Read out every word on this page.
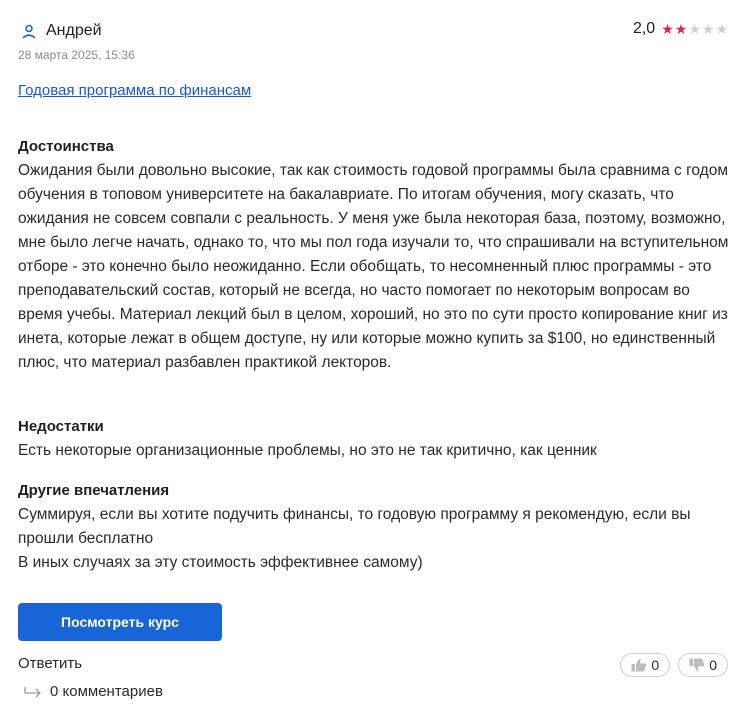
Андрей
28 марта 2025, 15:36
2,0 ★ ★ ★ ★ ★
Годовая программа по финансам

Достоинства

Ожидания были довольно высокие, так как стоимость годовой программы была сравнима с годом обучения в топовом университете на бакалавриате. По итогам обучения, могу сказать, что ожидания не совсем совпали с реальность. У меня уже была некоторая база, поэтому, возможно, мне было легче начать, однако то, что мы пол года изучали то, что спрашивали на вступительном отборе - это конечно было неожиданно. Если обобщать, то несомненный плюс программы - это преподавательский состав, который не всегда, но часто помогает по некоторым вопросам во время учебы. Материал лекций был в целом, хороший, но это по сути просто копирование книг из инета, которые лежат в общем доступе, ну или которые можно купить за $100, но единственный плюс, что материал разбавлен практикой лекторов.

Недостатки

Есть некоторые организационные проблемы, но это не так критично, как ценник

Другие впечатления

Суммируя, если вы хотите подучить финансы, то годовую программу я рекомендую, если вы прошли бесплатно
В иных случаях за эту стоимость эффективнее самому)

Посмотреть курс
Ответить	0	0
0 комментариев
